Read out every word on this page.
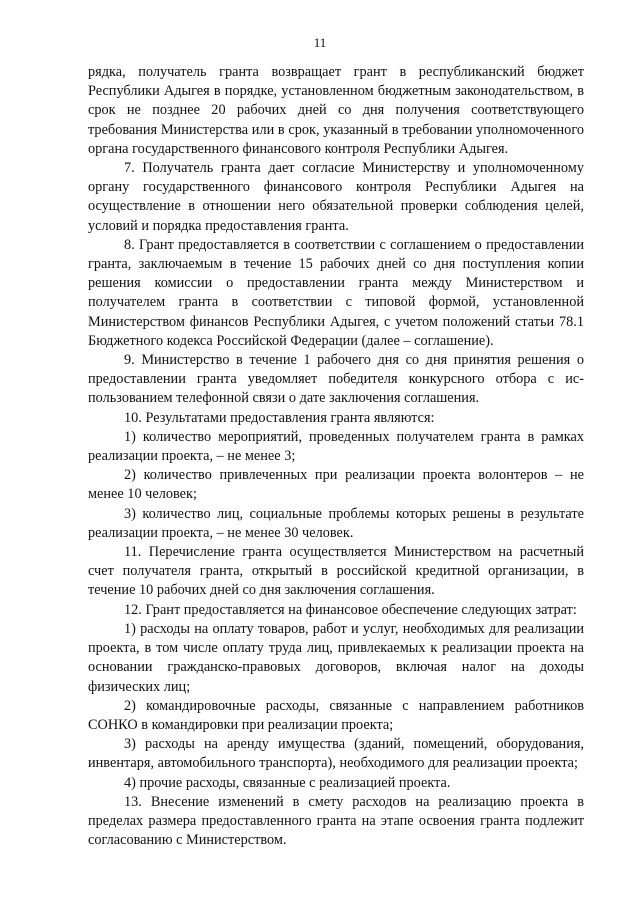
11

рядка, получатель гранта возвращает грант в республиканский бюджет Республики Адыгея в порядке, установленном бюджетным законодательством, в срок не позднее 20 рабочих дней со дня получения соответствующего требования Министерства или в срок, указанный в требовании уполномоченного органа государственного финансового контроля Республики Адыгея.

7. Получатель гранта дает согласие Министерству и уполномоченному органу государственного финансового контроля Республики Адыгея на осуществление в отношении него обязательной проверки соблюдения целей, условий и порядка предоставления гранта.

8. Грант предоставляется в соответствии с соглашением о предоставлении гранта, заключаемым в течение 15 рабочих дней со дня поступления копии решения комиссии о предоставлении гранта между Министерством и получателем гранта в соответствии с типовой формой, установленной Министерством финансов Республики Адыгея, с учетом положений статьи 78.1 Бюджетного кодекса Российской Федерации (далее – соглашение).

9. Министерство в течение 1 рабочего дня со дня принятия решения о предоставлении гранта уведомляет победителя конкурсного отбора с использованием телефонной связи о дате заключения соглашения.

10. Результатами предоставления гранта являются:

1) количество мероприятий, проведенных получателем гранта в рамках реализации проекта, – не менее 3;

2) количество привлеченных при реализации проекта волонтеров – не менее 10 человек;

3) количество лиц, социальные проблемы которых решены в результате реализации проекта, – не менее 30 человек.

11. Перечисление гранта осуществляется Министерством на расчетный счет получателя гранта, открытый в российской кредитной организации, в течение 10 рабочих дней со дня заключения соглашения.

12. Грант предоставляется на финансовое обеспечение следующих затрат:

1) расходы на оплату товаров, работ и услуг, необходимых для реализации проекта, в том числе оплату труда лиц, привлекаемых к реализации проекта на основании гражданско-правовых договоров, включая налог на доходы физических лиц;

2) командировочные расходы, связанные с направлением работников СОНКО в командировки при реализации проекта;

3) расходы на аренду имущества (зданий, помещений, оборудования, инвентаря, автомобильного транспорта), необходимого для реализации проекта;

4) прочие расходы, связанные с реализацией проекта.

13. Внесение изменений в смету расходов на реализацию проекта в пределах размера предоставленного гранта на этапе освоения гранта подлежит согласованию с Министерством.
